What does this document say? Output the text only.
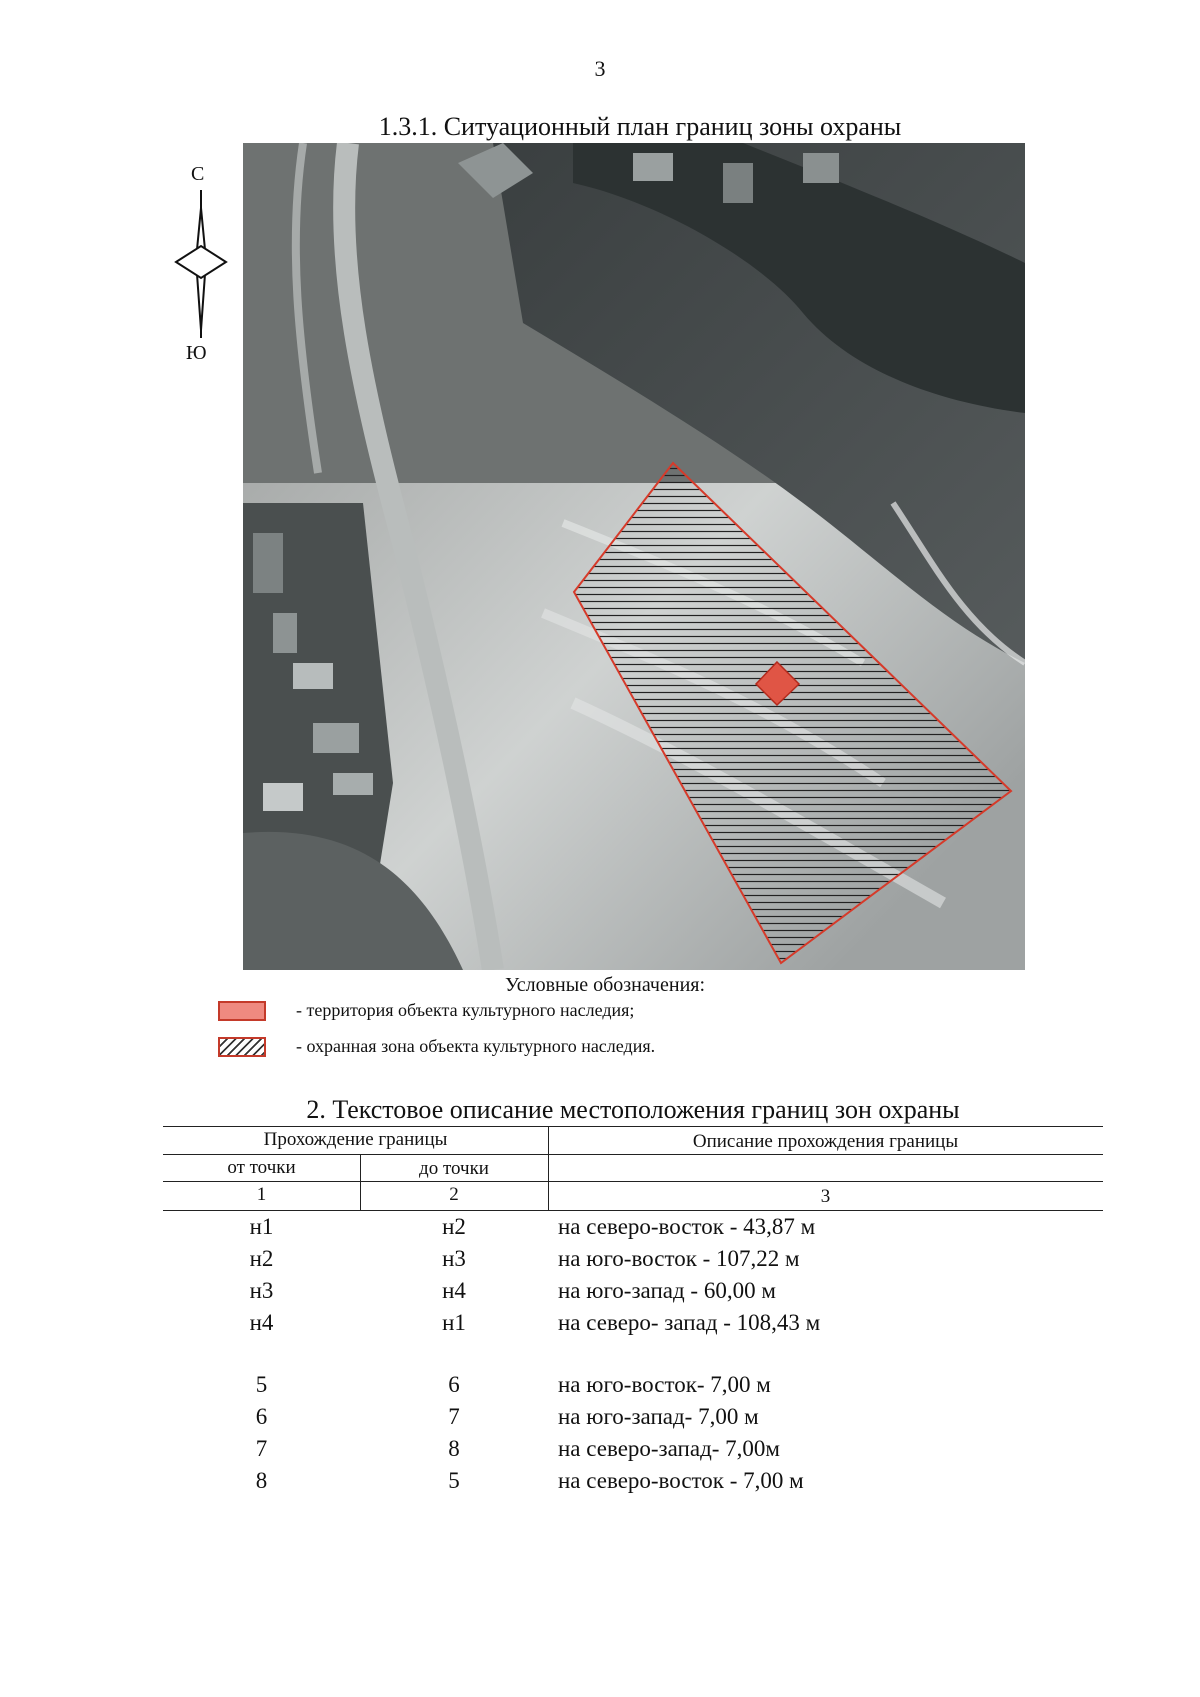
3
1.3.1. Ситуационный план границ зоны охраны
С
Ю
Условные обозначения:
- территория объекта культурного наследия;
- охранная зона объекта культурного наследия.
2. Текстовое описание местоположения границ зон охраны
Прохождение границы	Описание прохождения границы
от точки	до точки
1	2	3
н1	н2	на северо-восток - 43,87 м
н2	н3	на юго-восток - 107,22 м
н3	н4	на юго-запад - 60,00 м
н4	н1	на северо- запад - 108,43 м
5	6	на юго-восток- 7,00 м
6	7	на юго-запад- 7,00 м
7	8	на северо-запад- 7,00м
8	5	на северо-восток - 7,00 м
